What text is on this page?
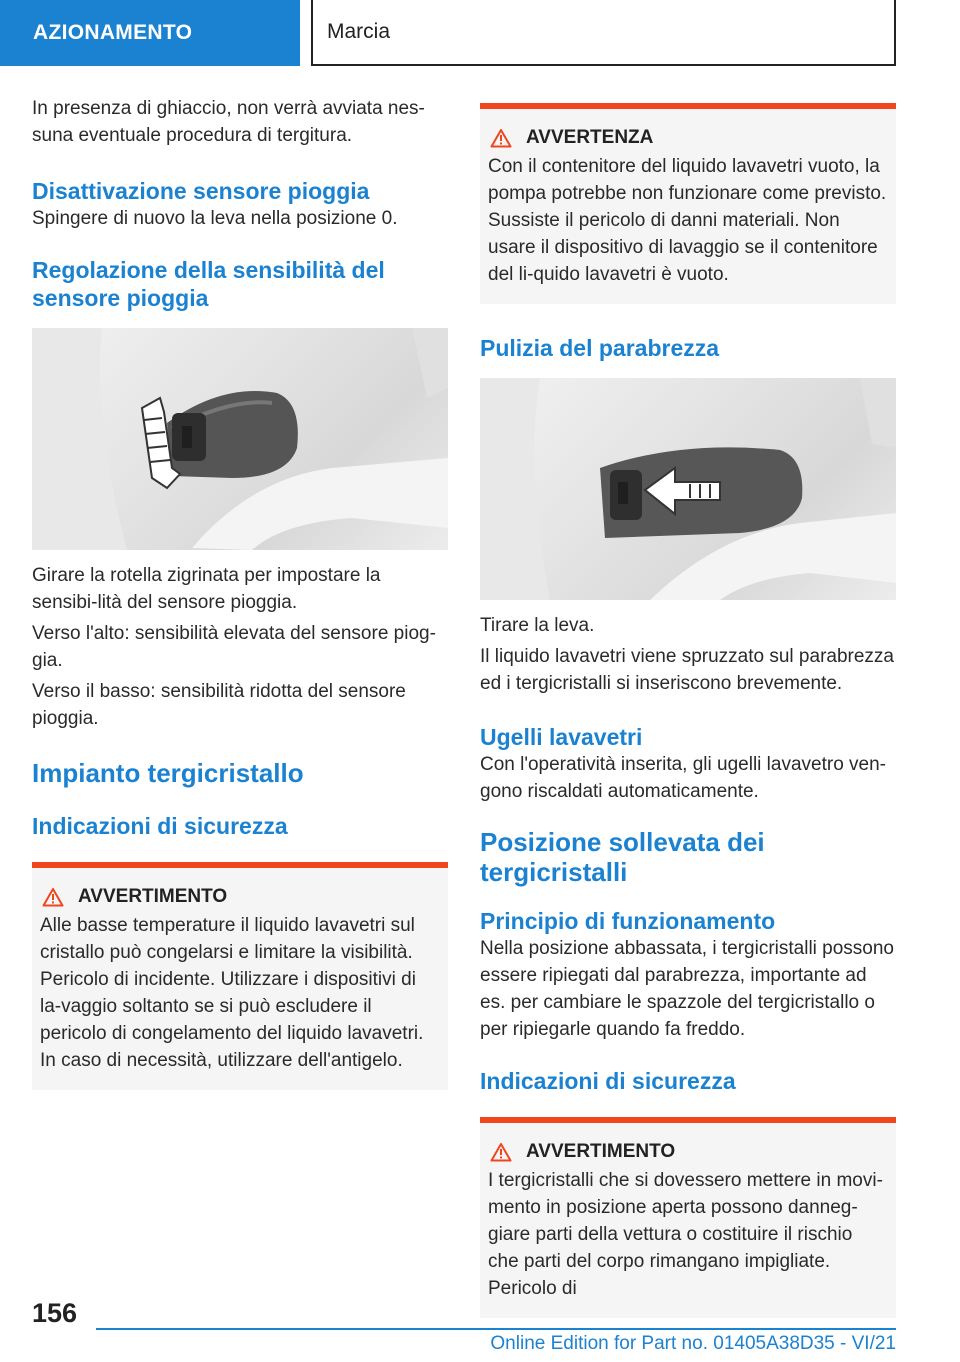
AZIONAMENTO	Marcia

In presenza di ghiaccio, non verrà avviata nes-suna eventuale procedura di tergitura.

Disattivazione sensore pioggia

Spingere di nuovo la leva nella posizione 0.

Regolazione della sensibilità del sensore pioggia

Girare la rotella zigrinata per impostare la sensibi-lità del sensore pioggia.

Verso l'alto: sensibilità elevata del sensore piog-gia.

Verso il basso: sensibilità ridotta del sensore pioggia.

Impianto tergicristallo
Indicazioni di sicurezza
AVVERTIMENTO

Alle basse temperature il liquido lavavetri sul cristallo può congelarsi e limitare la visibilità. Pericolo di incidente. Utilizzare i dispositivi di la-vaggio soltanto se si può escludere il pericolo di congelamento del liquido lavavetri. In caso di necessità, utilizzare dell'antigelo.

AVVERTENZA

Con il contenitore del liquido lavavetri vuoto, la pompa potrebbe non funzionare come previsto. Sussiste il pericolo di danni materiali. Non usare il dispositivo di lavaggio se il contenitore del li-quido lavavetri è vuoto.

Pulizia del parabrezza

Tirare la leva.

Il liquido lavavetri viene spruzzato sul parabrezza ed i tergicristalli si inseriscono brevemente.

Ugelli lavavetri

Con l'operatività inserita, gli ugelli lavavetro ven-gono riscaldati automaticamente.

Posizione sollevata dei tergicristalli
Principio di funzionamento

Nella posizione abbassata, i tergicristalli possono essere ripiegati dal parabrezza, importante ad es. per cambiare le spazzole del tergicristallo o per ripiegarle quando fa freddo.

Indicazioni di sicurezza
AVVERTIMENTO

I tergicristalli che si dovessero mettere in movi-mento in posizione aperta possono danneg-giare parti della vettura o costituire il rischio che parti del corpo rimangano impigliate. Pericolo di

156
Online Edition for Part no. 01405A38D35 - VI/21
